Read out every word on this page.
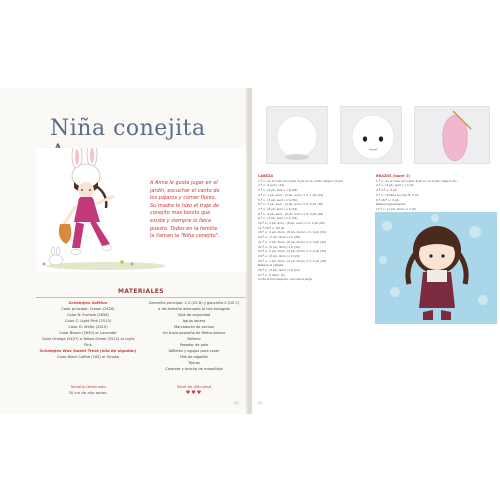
Niña conejita
A Anna le gusta jugar en el jardín, escuchar el canto de los pájaros y comer flores. Su madre le hizo el traje de conejito mas bonito que existe y siempre lo lleva puesto. Todos en la familia la llaman la "Niña conejito".
MATERIALES
Scheepjes Softfun
Color principal: Cream (2426)
Color B: Fuchsia (2656)
Color C: Light Pink (2513)
Color D: White (2410)
Color Brown (2630) or Lavender
Color Orange (2427) o Yellow Green (2512) or Light Pink
Scheepjes Woo Sweet Treat (hilo de algodón)
Color Black Coffee (162) or Smoke
Ganchillo principal: 2,5 (US B) y ganchillo 0 (US C)
o del tamaño adecuado al hilo escogido
Ojos de seguridad
Aguja lanera
Marcadores de puntos
Un trozo pequeño de fieltro blanco
Relleno
Pasador de pelo
Alfileres y agujas para coser
Hilo de algodón
Tijeras
Colorete y brocha de maquillaje
Tamaño terminado
30 cm de alto aprox.
Nivel de dificultad
♥♥♥
20	21
CABEZA
1.ª v.: en el color principal, 6 pb en un anillo mágico (6 pb)
2.ª v.: 6 aum. (12)
3.ª v.: (1 pb, aum.) x 6 (18)
4.ª v.: 1 pb, aum., (2 pb, aum.) x 5, 1 pb (24)
5.ª v.: (3 pb, aum.) x 6 (30)
6.ª v.: 2 pb, aum., (4 pb, aum.) x 5, 2 pb (36)
7.ª v.: (5 pb, aum.) x 6 (42)
8.ª v.: 3 pb, aum., (6 pb, aum.) x 5, 3 pb (48)
9.ª v.: (7 pb, aum.) x 6 (54)
10.ª v.: 4 pb, aum., (8 pb, aum.) x 5, 4 pb (60)
11.ª-18.ª v.: 60 pb
19.ª v.: 4 pb, dism., (8 pb, dism.) x 5, 4 pb (54)
20.ª v.: (7 pb, dism.) x 6 (48)
21.ª v.: 3 pb, dism., (6 pb, dism.) x 5, 3 pb (42)
22.ª v.: (5 pb, dism.) x 6 (36)
23.ª v.: 2 pb, dism., (4 pb, dism.) x 5, 2 pb (30)
24.ª v.: (3 pb, dism.) x 6 (24)
25.ª v.: 1 pb, dism., (2 pb, dism.) x 5, 1 pb (18)
Rellena la cabeza.
26.ª v.: (1 pb, dism.) x 6 (12)
27.ª v.: 6 dism. (6)
Corta el hilo dejando una hebra larga.
BRAZOS (hacer 2)
1.ª v.: en el color principal, 6 pb en un anillo mágico (6)
2.ª v.: (1 pb, aum.) x 3 (9)
3.ª-4.ª v.: 9 pb
5.ª v.: cambia al color B, 9 pb
6.ª-16.ª v.: 9 pb
Rellena ligeramente.
17.ª v.: (1 pb, dism.) x 3 (6)
